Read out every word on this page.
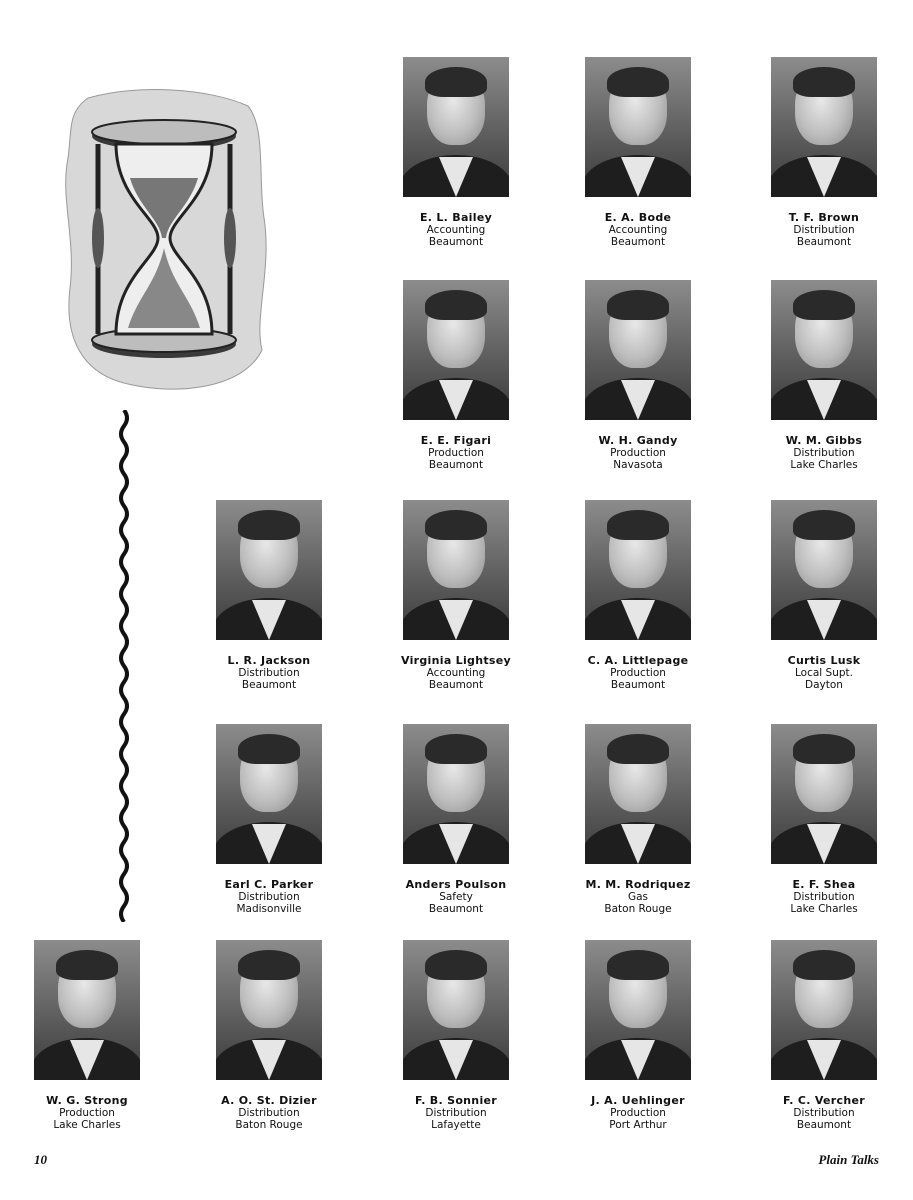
E. L. Bailey
Accounting
Beaumont
E. A. Bode
Accounting
Beaumont
T. F. Brown
Distribution
Beaumont
E. E. Figari
Production
Beaumont
W. H. Gandy
Production
Navasota
W. M. Gibbs
Distribution
Lake Charles
L. R. Jackson
Distribution
Beaumont
Virginia Lightsey
Accounting
Beaumont
C. A. Littlepage
Production
Beaumont
Curtis Lusk
Local Supt.
Dayton
Earl C. Parker
Distribution
Madisonville
Anders Poulson
Safety
Beaumont
M. M. Rodriquez
Gas
Baton Rouge
E. F. Shea
Distribution
Lake Charles
W. G. Strong
Production
Lake Charles
A. O. St. Dizier
Distribution
Baton Rouge
F. B. Sonnier
Distribution
Lafayette
J. A. Uehlinger
Production
Port Arthur
F. C. Vercher
Distribution
Beaumont
10	Plain Talks
